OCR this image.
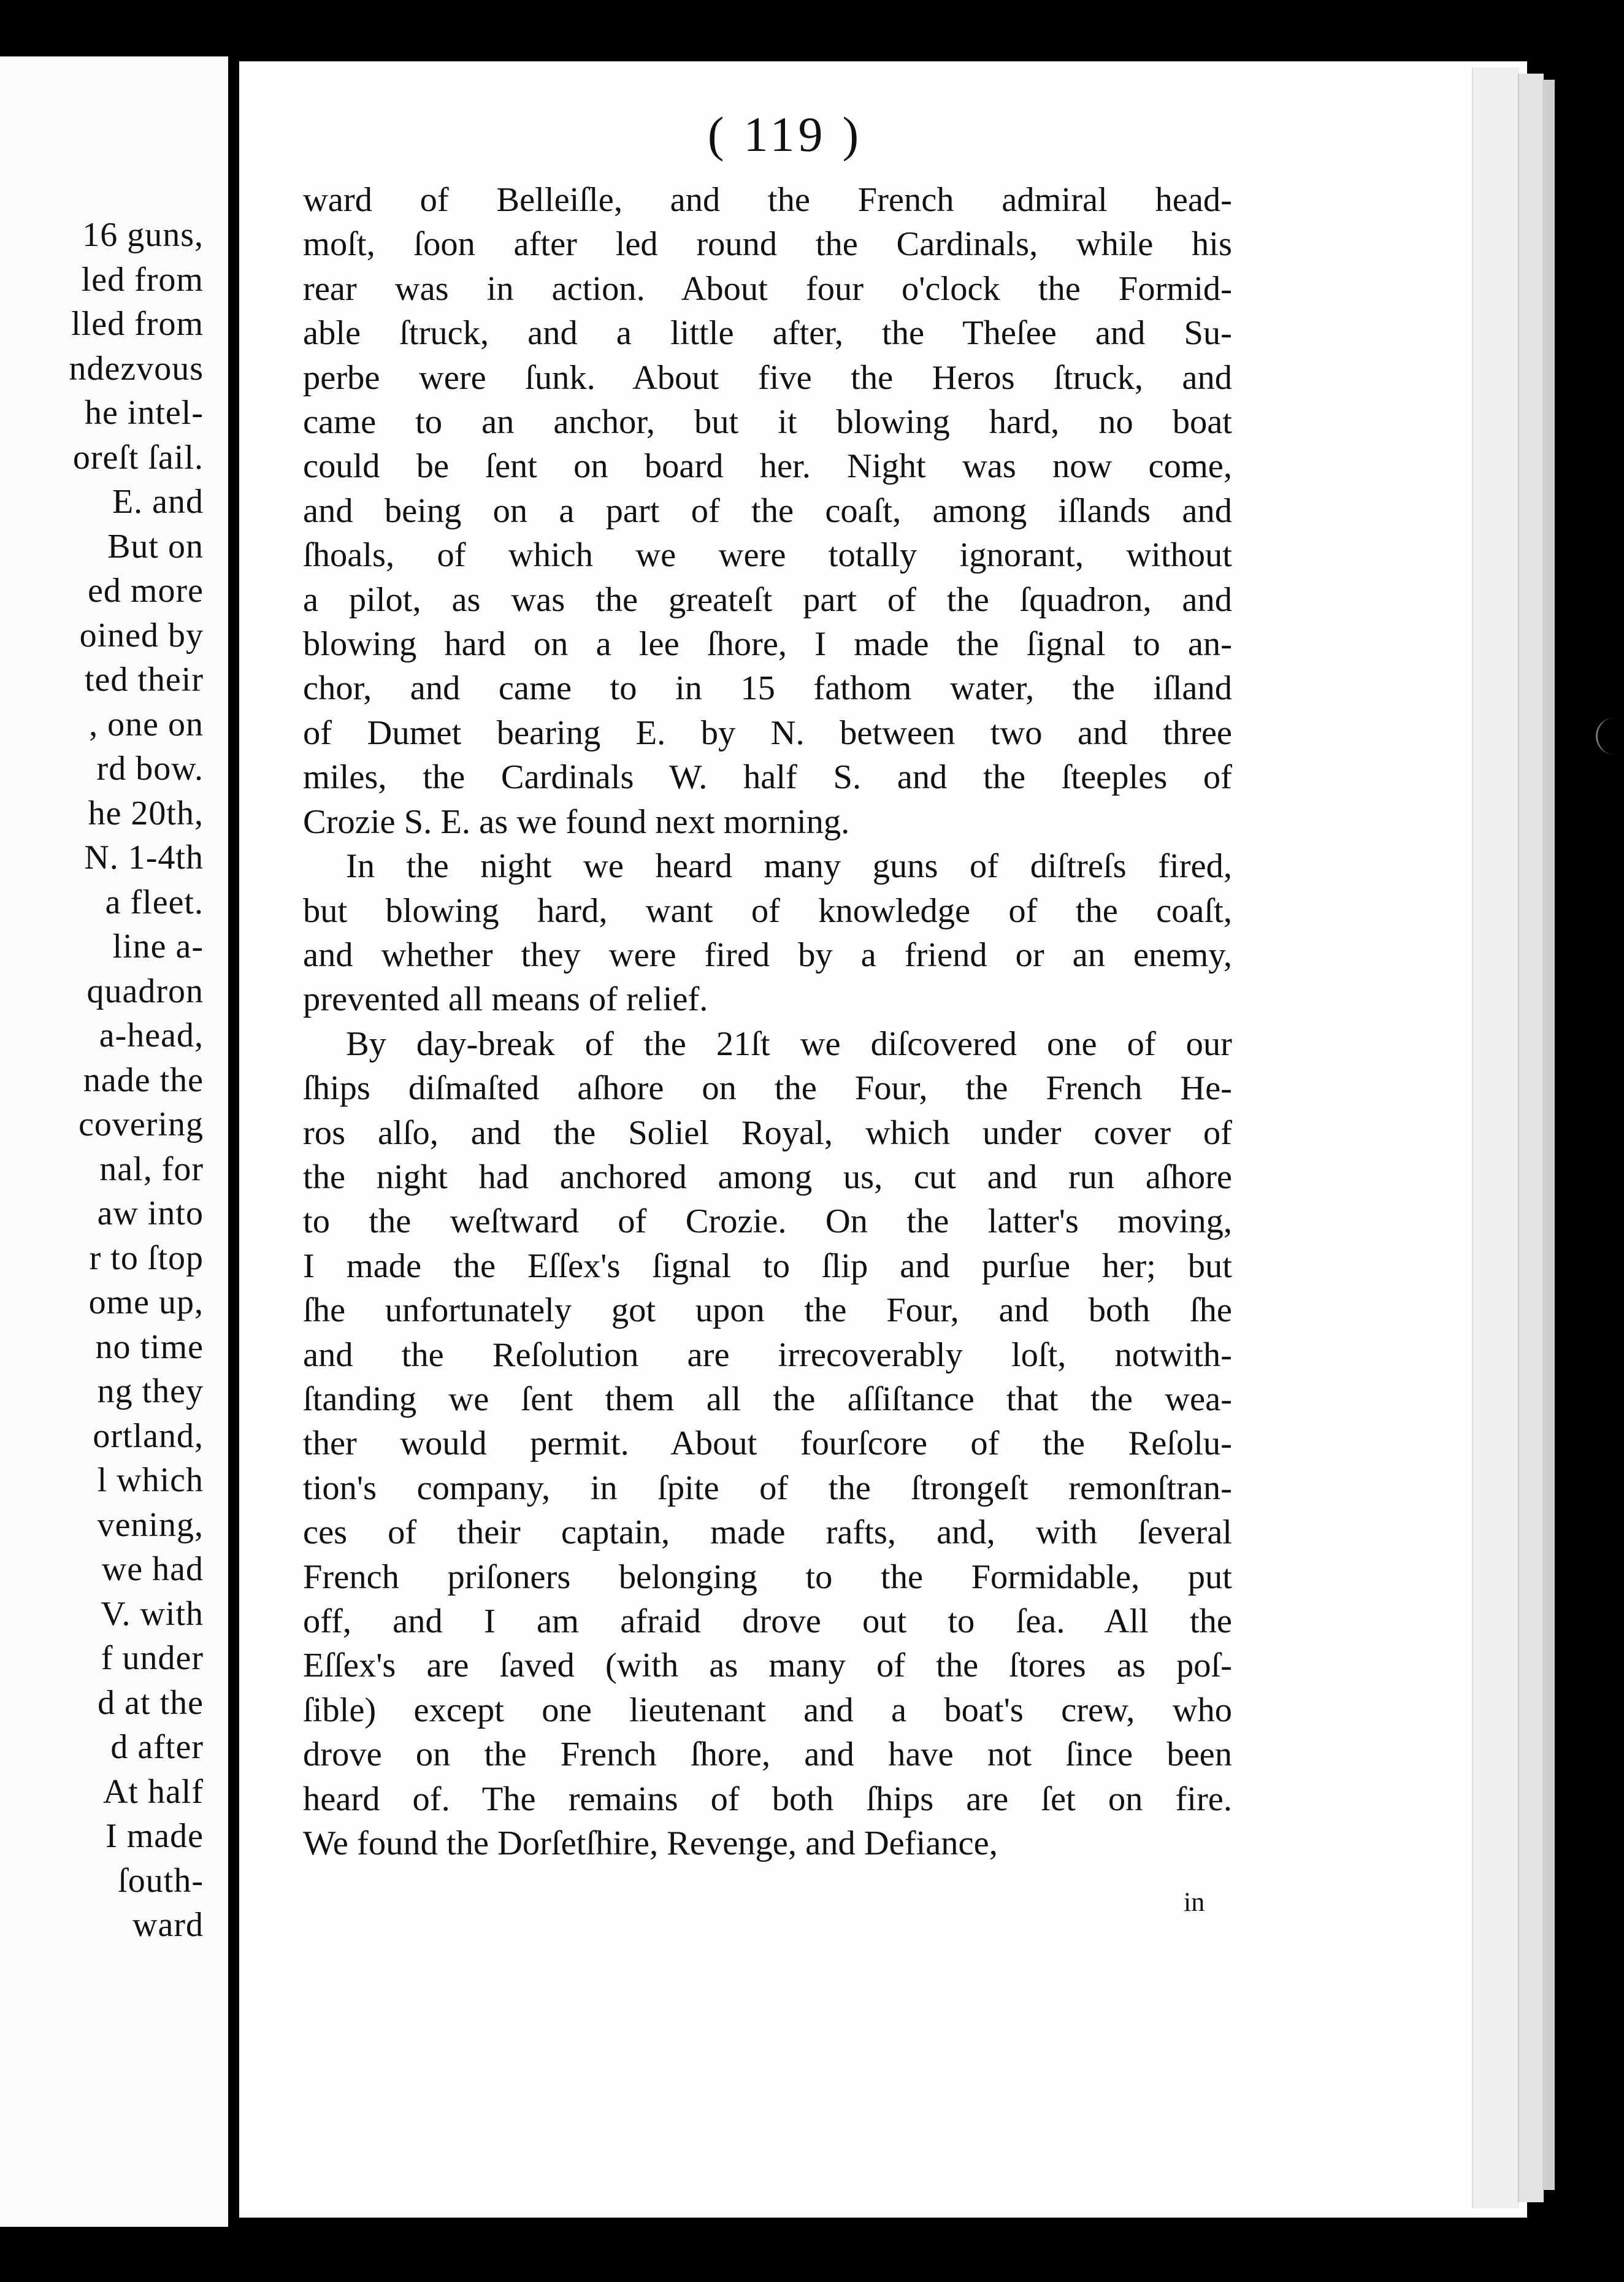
16 guns,
led from
lled from
ndezvous
he intel-
oreſt ſail.
E. and
But on
ed more
oined by
ted their
, one on
rd bow.
he 20th,
N. 1-4th
a fleet.
line a-
quadron
a-head,
nade the
covering
nal, for
aw into
r to ſtop
ome up,
no time
ng they
ortland,
l which
vening,
we had
V. with
f under
d at the
d after
At half
I made
ſouth-
ward
( 119 )
ward of Belleiſle, and the French admiral head-
moſt, ſoon after led round the Cardinals, while his
rear was in action. About four o'clock the Formid-
able ſtruck, and a little after, the Theſee and Su-
perbe were ſunk. About five the Heros ſtruck, and
came to an anchor, but it blowing hard, no boat
could be ſent on board her. Night was now come,
and being on a part of the coaſt, among iſlands and
ſhoals, of which we were totally ignorant, without
a pilot, as was the greateſt part of the ſquadron, and
blowing hard on a lee ſhore, I made the ſignal to an-
chor, and came to in 15 fathom water, the iſland
of Dumet bearing E. by N. between two and three
miles, the Cardinals W. half S. and the ſteeples of
Crozie S. E. as we found next morning.
In the night we heard many guns of diſtreſs fired,
but blowing hard, want of knowledge of the coaſt,
and whether they were fired by a friend or an enemy,
prevented all means of relief.
By day-break of the 21ſt we diſcovered one of our
ſhips diſmaſted aſhore on the Four, the French He-
ros alſo, and the Soliel Royal, which under cover of
the night had anchored among us, cut and run aſhore
to the weſtward of Crozie. On the latter's moving,
I made the Eſſex's ſignal to ſlip and purſue her; but
ſhe unfortunately got upon the Four, and both ſhe
and the Reſolution are irrecoverably loſt, notwith-
ſtanding we ſent them all the aſſiſtance that the wea-
ther would permit. About fourſcore of the Reſolu-
tion's company, in ſpite of the ſtrongeſt remonſtran-
ces of their captain, made rafts, and, with ſeveral
French priſoners belonging to the Formidable, put
off, and I am afraid drove out to ſea. All the
Eſſex's are ſaved (with as many of the ſtores as poſ-
ſible) except one lieutenant and a boat's crew, who
drove on the French ſhore, and have not ſince been
heard of. The remains of both ſhips are ſet on fire.
We found the Dorſetſhire, Revenge, and Defiance,
in
